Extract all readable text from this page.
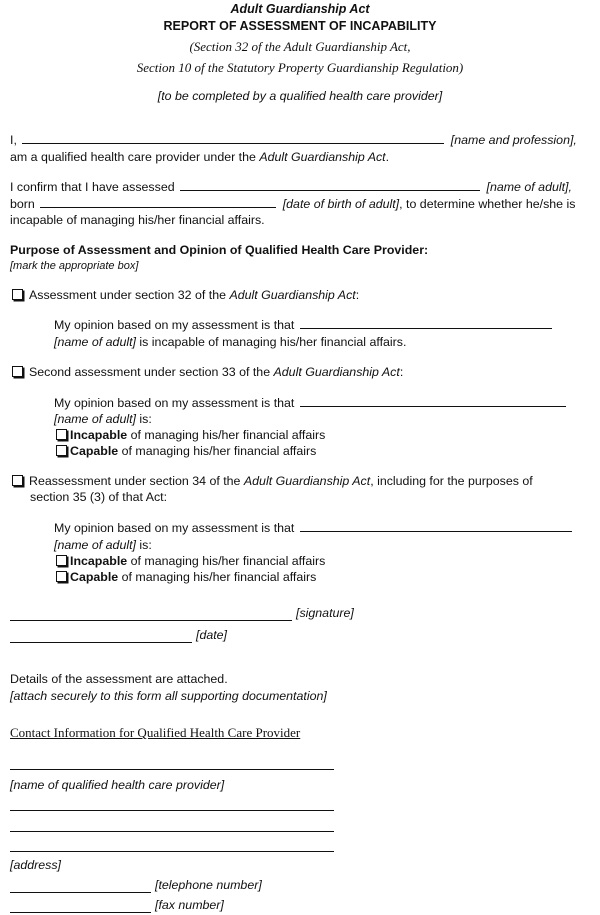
Adult Guardianship Act
REPORT OF ASSESSMENT OF INCAPABILITY
(Section 32 of the Adult Guardianship Act,
Section 10 of the Statutory Property Guardianship Regulation)
[to be completed by a qualified health care provider]
I,	[name and profession],
am a qualified health care provider under the Adult Guardianship Act.
I confirm that I have assessed	[name of adult],
born	[date of birth of adult], to determine whether he/she is
incapable of managing his/her financial affairs.
Purpose of Assessment and Opinion of Qualified Health Care Provider:
[mark the appropriate box]
Assessment under section 32 of the Adult Guardianship Act:
My opinion based on my assessment is that
[name of adult] is incapable of managing his/her financial affairs.
Second assessment under section 33 of the Adult Guardianship Act:
My opinion based on my assessment is that
[name of adult] is:
Incapable of managing his/her financial affairs
Capable of managing his/her financial affairs
Reassessment under section 34 of the Adult Guardianship Act, including for the purposes of
section 35 (3) of that Act:
My opinion based on my assessment is that
[name of adult] is:
Incapable of managing his/her financial affairs
Capable of managing his/her financial affairs
[signature]
[date]
Details of the assessment are attached.
[attach securely to this form all supporting documentation]
Contact Information for Qualified Health Care Provider
[name of qualified health care provider]
[address]
[telephone number]
[fax number]
